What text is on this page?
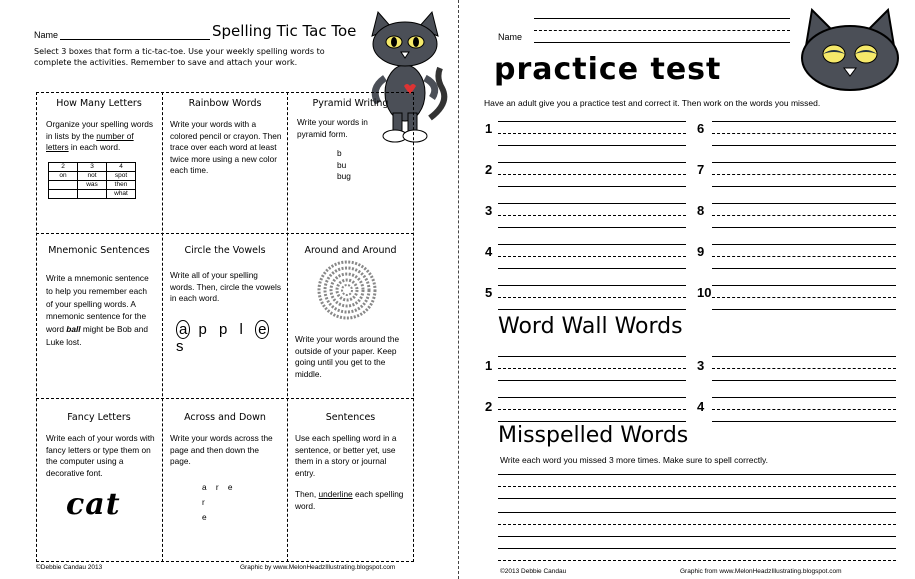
Name	Spelling Tic Tac Toe
Select 3 boxes that form a tic-tac-toe. Use your weekly spelling words to complete the activities. Remember to save and attach your work.
How Many Letters
Organize your spelling words in lists by the number of letters in each word.
2	3	4
on	not	spot
	was	then
		what
Rainbow Words
Write your words with a colored pencil or crayon. Then trace over each word at least twice more using a new color each time.
Pyramid Writing
Write your words in pyramid form.
b
bu
bug
Mnemonic Sentences
Write a mnemonic sentence to help you remember each of your spelling words. A mnemonic sentence for the word ball might be Bob and Luke lost.
Circle the Vowels
Write all of your spelling words. Then, circle the vowels in each word.
a p p l e s
Around and Around
Write your words around the outside of your paper. Keep going until you get to the middle.
Fancy Letters
Write each of your words with fancy letters or type them on the computer using a decorative font.
cat
Across and Down
Write your words across the page and then down the page.
a r e
r
e
Sentences
Use each spelling word in a sentence, or better yet, use them in a story or journal entry.
Then, underline each spelling word.
©Debbie Candau 2013	Graphic by www.MelonHeadzIllustrating.blogspot.com
Name
practice test
Have an adult give you a practice test and correct it. Then work on the words you missed.
1
2
3
4
5
6
7
8
9
10
Word Wall Words
1
2
3
4
Misspelled Words
Write each word you missed 3 more times. Make sure to spell correctly.
©2013 Debbie Candau	Graphic from www.MelonHeadzIllustrating.blogspot.com
